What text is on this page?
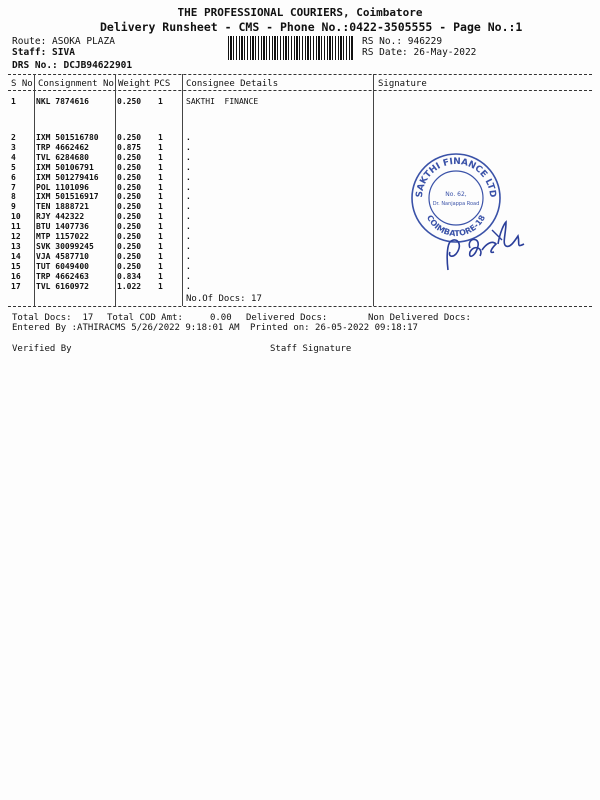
THE PROFESSIONAL COURIERS, Coimbatore
Delivery Runsheet - CMS - Phone No.:0422-3505555 - Page No.:1
Route: ASOKA PLAZA
Staff: SIVA
DRS No.: DCJB94622901
RS No.: 946229
RS Date: 26-May-2022
S No Consignment No Weight PCS Consignee Details	Signature
1	NKL 7874616	0.250 1	SAKTHI  FINANCE
2	IXM 501516780 0.250 1	.
3	TRP 4662462	0.875 1	.
4	TVL 6284680	0.250 1	.
5	IXM 50106791	0.250 1	.
6	IXM 501279416 0.250 1	.
7	POL 1101096	0.250 1	.
8	IXM 501516917 0.250 1	.
9	TEN 1888721	0.250 1	.
10 RJY 442322	0.250 1	.
11 BTU 1407736	0.250 1	.
12 MTP 1157022	0.250 1	.
13 SVK 30099245	0.250 1	.
14 VJA 4587710	0.250 1	.
15 TUT 6049400	0.250 1	.
16 TRP 4662463	0.834 1	.
17 TVL 6160972	1.022 1	.
No.Of Docs: 17
SAKTHI FINANCE LTD
COIMBATORE-18
No. 62,
Dr. Nanjappa Road
Total Docs:  17 Total COD Amt:     0.00 Delivered Docs:	Non Delivered Docs:
Entered By :ATHIRACMS 5/26/2022 9:18:01 AM Printed on: 26-05-2022 09:18:17
Verified By	Staff Signature
